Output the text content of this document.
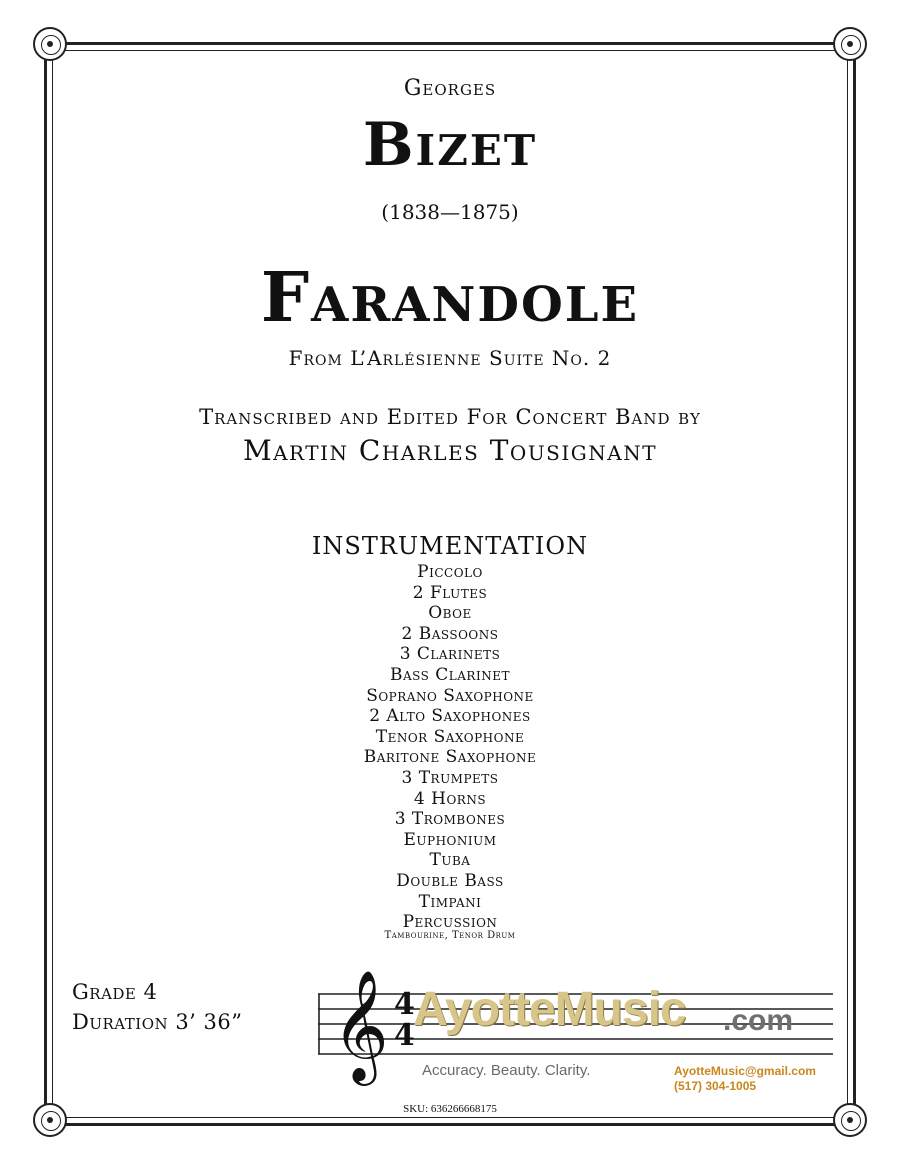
Georges
Bizet
(1838—1875)
Farandole
From L’Arlésienne Suite No. 2
Transcribed and Edited For Concert Band by
Martin Charles Tousignant
INSTRUMENTATION
Piccolo
2 Flutes
Oboe
2 Bassoons
3 Clarinets
Bass Clarinet
Soprano Saxophone
2 Alto Saxophones
Tenor Saxophone
Baritone Saxophone
3 Trumpets
4 Horns
3 Trombones
Euphonium
Tuba
Double Bass
Timpani
Percussion
Tambourine, Tenor Drum
Grade 4
Duration 3’ 36” 𝄞 4
4
AyotteMusic .com
Accuracy. Beauty. Clarity.	AyotteMusic@gmail.com
(517) 304-1005
SKU: 636266668175
